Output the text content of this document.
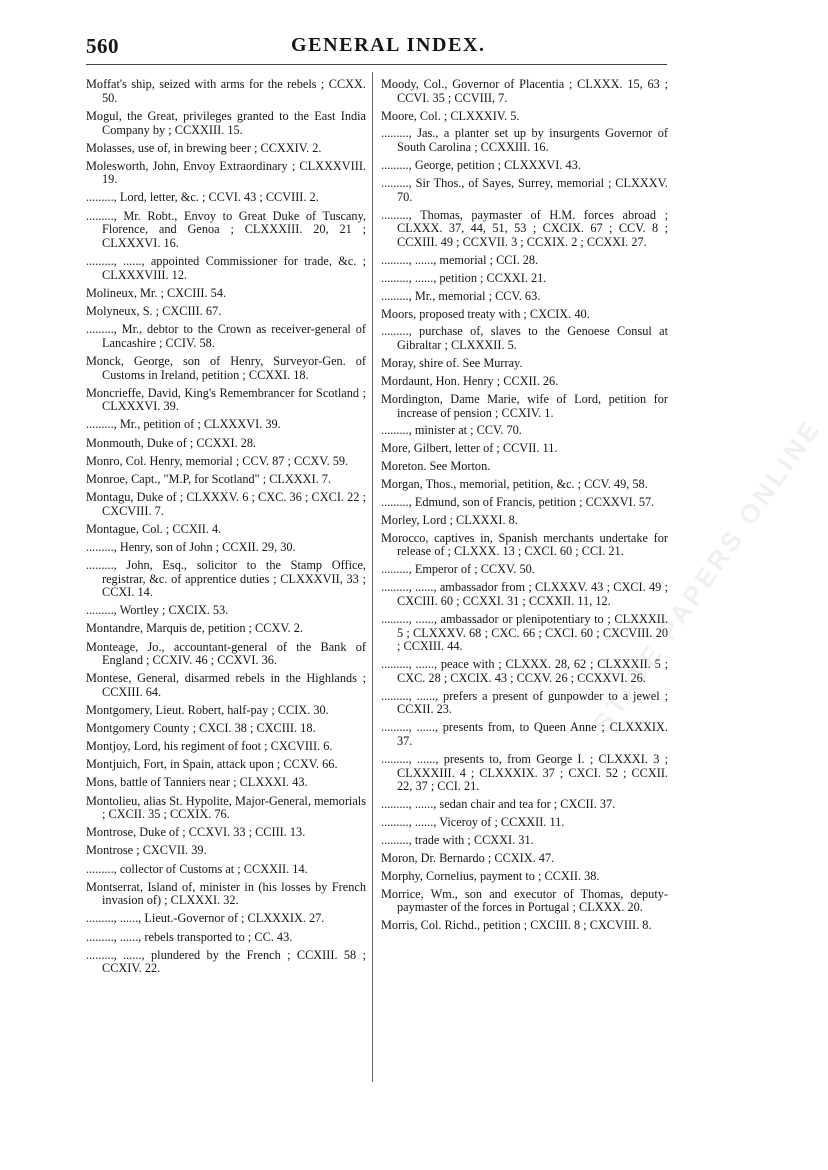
560	GENERAL INDEX.

Moffat's ship, seized with arms for the rebels ; CCXX. 50.

Mogul, the Great, privileges granted to the East India Company by ; CCXXIII. 15.

Molasses, use of, in brewing beer ; CCXXIV. 2.

Molesworth, John, Envoy Extraordinary ; CLXXXVIII. 19.

........., Lord, letter, &c. ; CCVI. 43 ; CCVIII. 2.

........., Mr. Robt., Envoy to Great Duke of Tuscany, Florence, and Genoa ; CLXXXIII. 20, 21 ; CLXXXVI. 16.

........., ......, appointed Commissioner for trade, &c. ; CLXXXVIII. 12.

Molineux, Mr. ; CXCIII. 54.

Molyneux, S. ; CXCIII. 67.

........., Mr., debtor to the Crown as receiver-general of Lancashire ; CCIV. 58.

Monck, George, son of Henry, Surveyor-Gen. of Customs in Ireland, petition ; CCXXI. 18.

Moncrieffe, David, King's Remembrancer for Scotland ; CLXXXVI. 39.

........., Mr., petition of ; CLXXXVI. 39.

Monmouth, Duke of ; CCXXI. 28.

Monro, Col. Henry, memorial ; CCV. 87 ; CCXV. 59.

Monroe, Capt., "M.P, for Scotland" ; CLXXXI. 7.

Montagu, Duke of ; CLXXXV. 6 ; CXC. 36 ; CXCI. 22 ; CXCVIII. 7.

Montague, Col. ; CCXII. 4.

........., Henry, son of John ; CCXII. 29, 30.

........., John, Esq., solicitor to the Stamp Office, registrar, &c. of apprentice duties ; CLXXXVII, 33 ; CCXI. 14.

........., Wortley ; CXCIX. 53.

Montandre, Marquis de, petition ; CCXV. 2.

Monteage, Jo., accountant-general of the Bank of England ; CCXIV. 46 ; CCXVI. 36.

Montese, General, disarmed rebels in the Highlands ; CCXIII. 64.

Montgomery, Lieut. Robert, half-pay ; CCIX. 30.

Montgomery County ; CXCI. 38 ; CXCIII. 18.

Montjoy, Lord, his regiment of foot ; CXCVIII. 6.

Montjuich, Fort, in Spain, attack upon ; CCXV. 66.

Mons, battle of Tanniers near ; CLXXXI. 43.

Montolieu, alias St. Hypolite, Major-General, memorials ; CXCII. 35 ; CCXIX. 76.

Montrose, Duke of ; CCXVI. 33 ; CCIII. 13.

Montrose ; CXCVII. 39.

........., collector of Customs at ; CCXXII. 14.

Montserrat, Island of, minister in (his losses by French invasion of) ; CLXXXI. 32.

........., ......, Lieut.-Governor of ; CLXXXIX. 27.

........., ......, rebels transported to ; CC. 43.

........., ......, plundered by the French ; CCXIII. 58 ; CCXIV. 22.

Moody, Col., Governor of Placentia ; CLXXX. 15, 63 ; CCVI. 35 ; CCVIII, 7.

Moore, Col. ; CLXXXIV. 5.

........., Jas., a planter set up by insurgents Governor of South Carolina ; CCXXIII. 16.

........., George, petition ; CLXXXVI. 43.

........., Sir Thos., of Sayes, Surrey, memorial ; CLXXXV. 70.

........., Thomas, paymaster of H.M. forces abroad ; CLXXX. 37, 44, 51, 53 ; CXCIX. 67 ; CCV. 8 ; CCXIII. 49 ; CCXVII. 3 ; CCXIX. 2 ; CCXXI. 27.

........., ......, memorial ; CCI. 28.

........., ......, petition ; CCXXI. 21.

........., Mr., memorial ; CCV. 63.

Moors, proposed treaty with ; CXCIX. 40.

........., purchase of, slaves to the Genoese Consul at Gibraltar ; CLXXXII. 5.

Moray, shire of. See Murray.

Mordaunt, Hon. Henry ; CCXII. 26.

Mordington, Dame Marie, wife of Lord, petition for increase of pension ; CCXIV. 1.

........., minister at ; CCV. 70.

More, Gilbert, letter of ; CCVII. 11.

Moreton. See Morton.

Morgan, Thos., memorial, petition, &c. ; CCV. 49, 58.

........., Edmund, son of Francis, petition ; CCXXVI. 57.

Morley, Lord ; CLXXXI. 8.

Morocco, captives in, Spanish merchants undertake for release of ; CLXXX. 13 ; CXCI. 60 ; CCI. 21.

........., Emperor of ; CCXV. 50.

........., ......, ambassador from ; CLXXXV. 43 ; CXCI. 49 ; CXCIII. 60 ; CCXXI. 31 ; CCXXII. 11, 12.

........., ......, ambassador or plenipotentiary to ; CLXXXII. 5 ; CLXXXV. 68 ; CXC. 66 ; CXCI. 60 ; CXCVIII. 20 ; CCXIII. 44.

........., ......, peace with ; CLXXX. 28, 62 ; CLXXXII. 5 ; CXC. 28 ; CXCIX. 43 ; CCXV. 26 ; CCXXVI. 26.

........., ......, prefers a present of gunpowder to a jewel ; CCXII. 23.

........., ......, presents from, to Queen Anne ; CLXXXIX. 37.

........., ......, presents to, from George I. ; CLXXXI. 3 ; CLXXXIII. 4 ; CLXXXIX. 37 ; CXCI. 52 ; CCXII. 22, 37 ; CCI. 21.

........., ......, sedan chair and tea for ; CXCII. 37.

........., ......, Viceroy of ; CCXXII. 11.

........., trade with ; CCXXI. 31.

Moron, Dr. Bernardo ; CCXIX. 47.

Morphy, Cornelius, payment to ; CCXII. 38.

Morrice, Wm., son and executor of Thomas, deputy-paymaster of the forces in Portugal ; CLXXX. 20.

Morris, Col. Richd., petition ; CXCIII. 8 ; CXCVIII. 8.

STATE PAPERS ONLINE
